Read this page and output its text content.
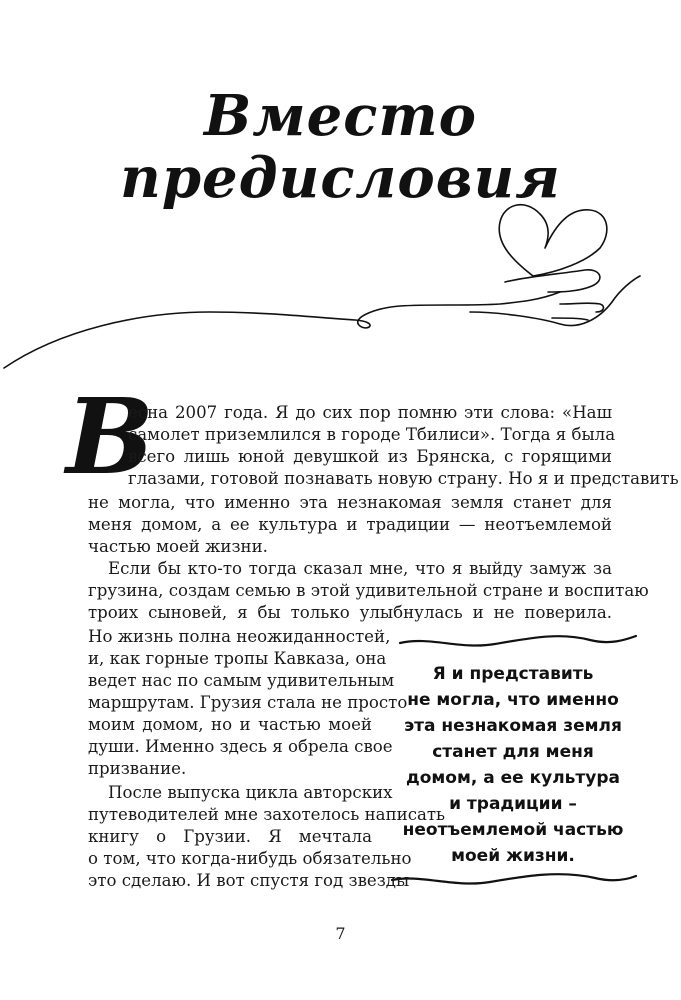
Вместо
предисловия
В
есна 2007 года. Я до сих пор помню эти слова: «Наш
самолет приземлился в городе Тбилиси». Тогда я была
всего лишь юной девушкой из Брянска, с горящими
глазами, готовой познавать новую страну. Но я и представить
не могла, что именно эта незнакомая земля станет для
меня домом, а ее культура и традиции — неотъемлемой
частью моей жизни.
Если бы кто-то тогда сказал мне, что я выйду замуж за
грузина, создам семью в этой удивительной стране и воспитаю
троих сыновей, я бы только улыбнулась и не поверила.
Но жизнь полна неожиданностей,
и, как горные тропы Кавказа, она
ведет нас по самым удивительным
маршрутам. Грузия стала не просто
моим домом, но и частью моей
души. Именно здесь я обрела свое
призвание.
После выпуска цикла авторских
путеводителей мне захотелось написать
книгу о Грузии. Я мечтала
о том, что когда-нибудь обязательно
это сделаю. И вот спустя год звезды
Я и представить
не могла, что именно
эта незнакомая земля
станет для меня
домом, а ее культура
и традиции –
неотъемлемой частью
моей жизни.
7
